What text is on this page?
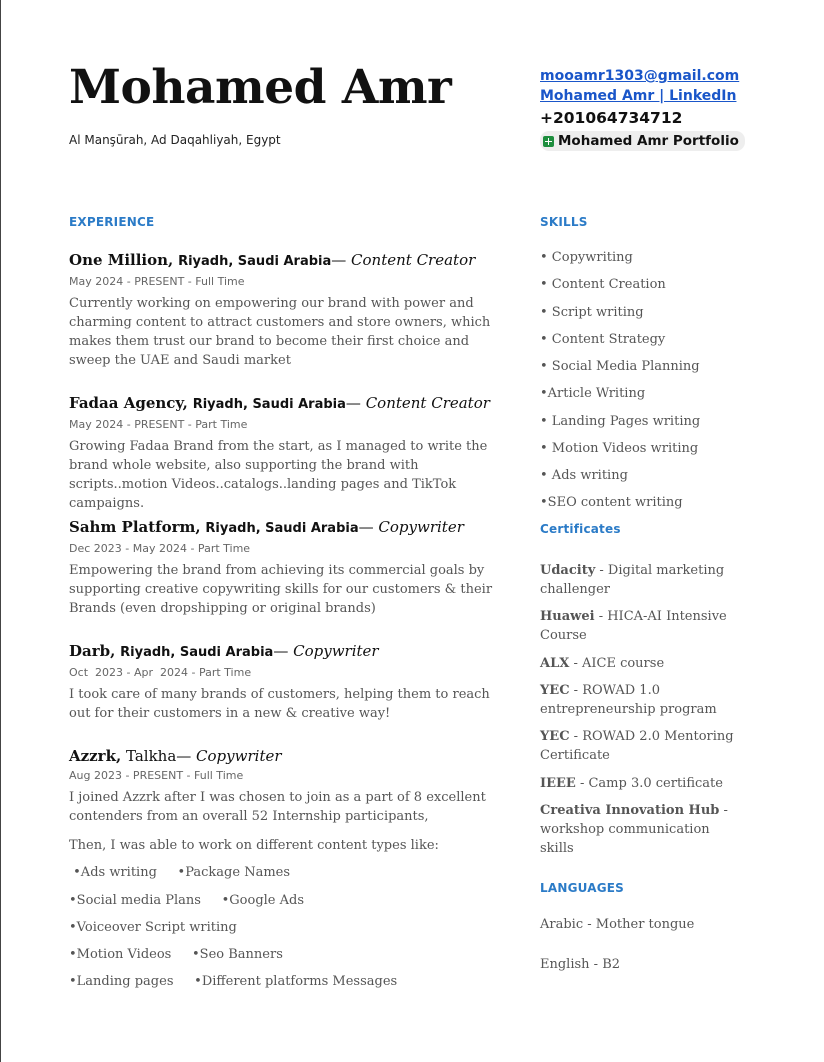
Mohamed Amr
Al Manşūrah, Ad Daqahliyah, Egypt
mooamr1303@gmail.com
Mohamed Amr | LinkedIn
+201064734712
Mohamed Amr Portfolio
EXPERIENCE
One Million, Riyadh, Saudi Arabia— Content Creator
May 2024 - PRESENT - Full Time
Currently working on empowering our brand with power and charming content to attract customers and store owners, which makes them trust our brand to become their first choice and sweep the UAE and Saudi market
Fadaa Agency, Riyadh, Saudi Arabia— Content Creator
May 2024 - PRESENT - Part Time
Growing Fadaa Brand from the start, as I managed to write the brand whole website, also supporting the brand with scripts..motion Videos..catalogs..landing pages and TikTok campaigns.
Sahm Platform, Riyadh, Saudi Arabia— Copywriter
Dec 2023 - May 2024 - Part Time
Empowering the brand from achieving its commercial goals by supporting creative copywriting skills for our customers & their Brands (even dropshipping or original brands)
Darb, Riyadh, Saudi Arabia— Copywriter
Oct  2023 - Apr  2024 - Part Time
I took care of many brands of customers, helping them to reach out for their customers in a new & creative way!
Azzrk, Talkha— Copywriter
Aug 2023 - PRESENT - Full Time
I joined Azzrk after I was chosen to join as a part of 8 excellent contenders from an overall 52 Internship participants,
Then, I was able to work on different content types like:
•Ads writing     •Package Names
•Social media Plans     •Google Ads
•Voiceover Script writing
•Motion Videos     •Seo Banners
•Landing pages     •Different platforms Messages
SKILLS
• Copywriting
• Content Creation
• Script writing
• Content Strategy
• Social Media Planning
•Article Writing
• Landing Pages writing
• Motion Videos writing
• Ads writing
•SEO content writing
Certificates
Udacity - Digital marketing challenger
Huawei - HICA-AI Intensive Course
ALX - AICE course
YEC - ROWAD 1.0 entrepreneurship program
YEC - ROWAD 2.0 Mentoring Certificate
IEEE - Camp 3.0 certificate
Creativa Innovation Hub - workshop communication skills
LANGUAGES
Arabic - Mother tongue
English - B2
